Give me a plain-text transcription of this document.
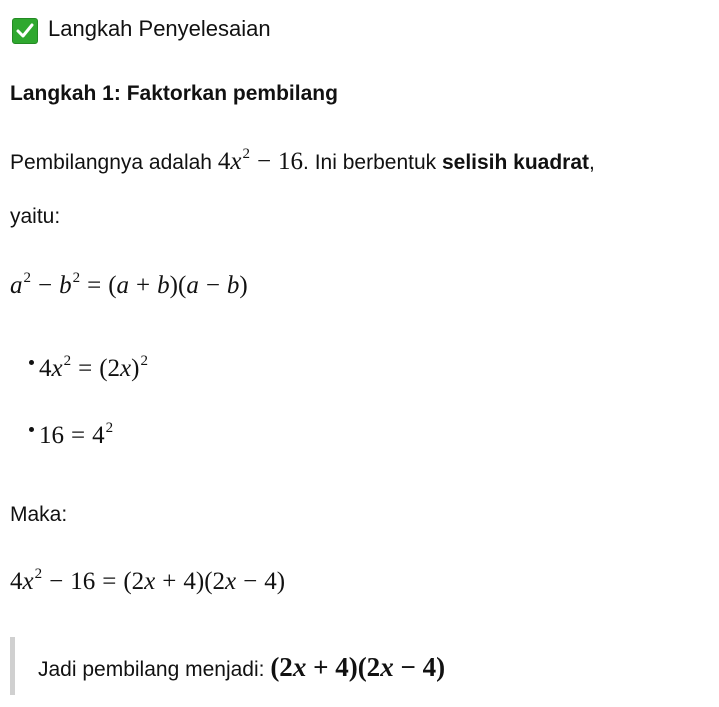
Langkah Penyelesaian
Langkah 1: Faktorkan pembilang
Pembilangnya adalah $4x^2 - 16$. Ini berbentuk selisih kuadrat,
yaitu:
$a^2 - b^2 = (a + b)(a - b)$
$4x^2 = (2x)^2$
$16 = 4^2$
Maka:
$4x^2 - 16 = (2x + 4)(2x - 4)$
Jadi pembilang menjadi: (2x + 4)(2x − 4)
